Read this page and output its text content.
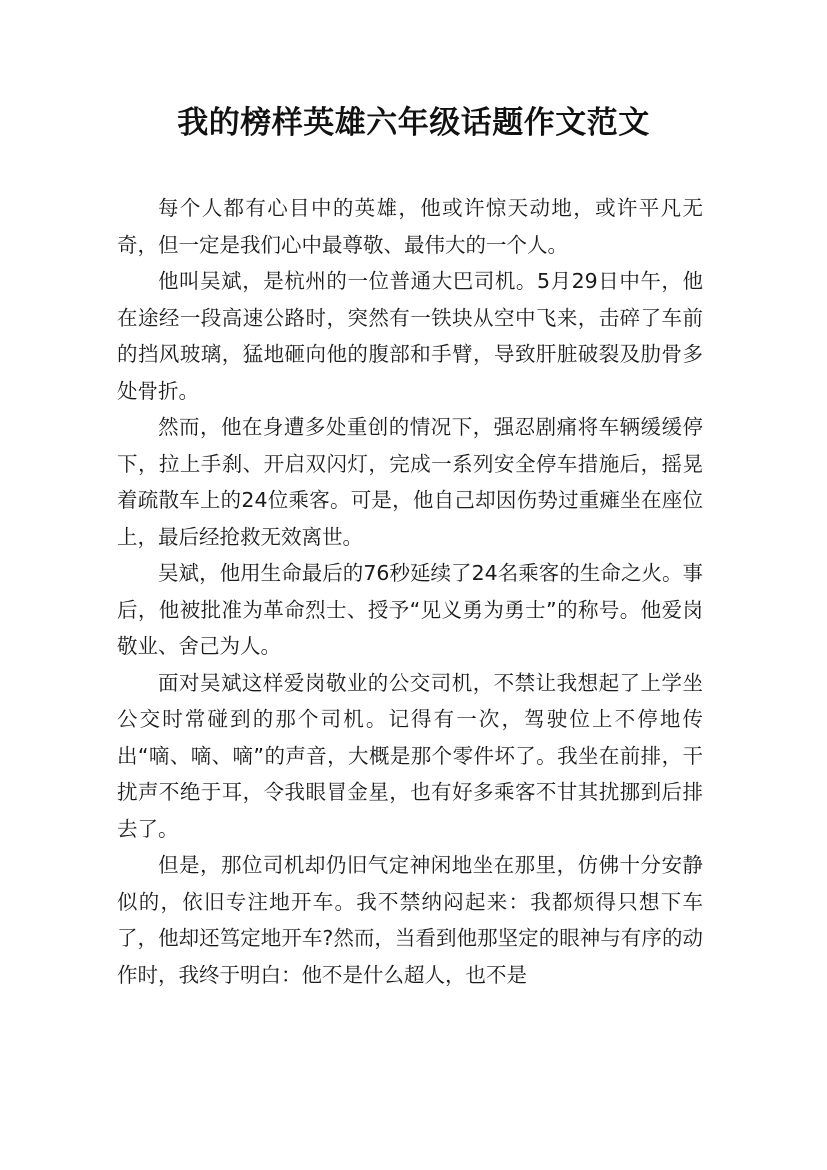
我的榜样英雄六年级话题作文范文

每个人都有心目中的英雄，他或许惊天动地，或许平凡无奇，但一定是我们心中最尊敬、最伟大的一个人。

他叫吴斌，是杭州的一位普通大巴司机。5月29日中午，他在途经一段高速公路时，突然有一铁块从空中飞来，击碎了车前的挡风玻璃，猛地砸向他的腹部和手臂，导致肝脏破裂及肋骨多处骨折。

然而，他在身遭多处重创的情况下，强忍剧痛将车辆缓缓停下，拉上手刹、开启双闪灯，完成一系列安全停车措施后，摇晃着疏散车上的24位乘客。可是，他自己却因伤势过重瘫坐在座位上，最后经抢救无效离世。

吴斌，他用生命最后的76秒延续了24名乘客的生命之火。事后，他被批准为革命烈士、授予“见义勇为勇士”的称号。他爱岗敬业、舍己为人。

面对吴斌这样爱岗敬业的公交司机，不禁让我想起了上学坐公交时常碰到的那个司机。记得有一次，驾驶位上不停地传出“嘀、嘀、嘀”的声音，大概是那个零件坏了。我坐在前排，干扰声不绝于耳，令我眼冒金星，也有好多乘客不甘其扰挪到后排去了。

但是，那位司机却仍旧气定神闲地坐在那里，仿佛十分安静似的，依旧专注地开车。我不禁纳闷起来：我都烦得只想下车了，他却还笃定地开车?然而，当看到他那坚定的眼神与有序的动作时，我终于明白：他不是什么超人，也不是
